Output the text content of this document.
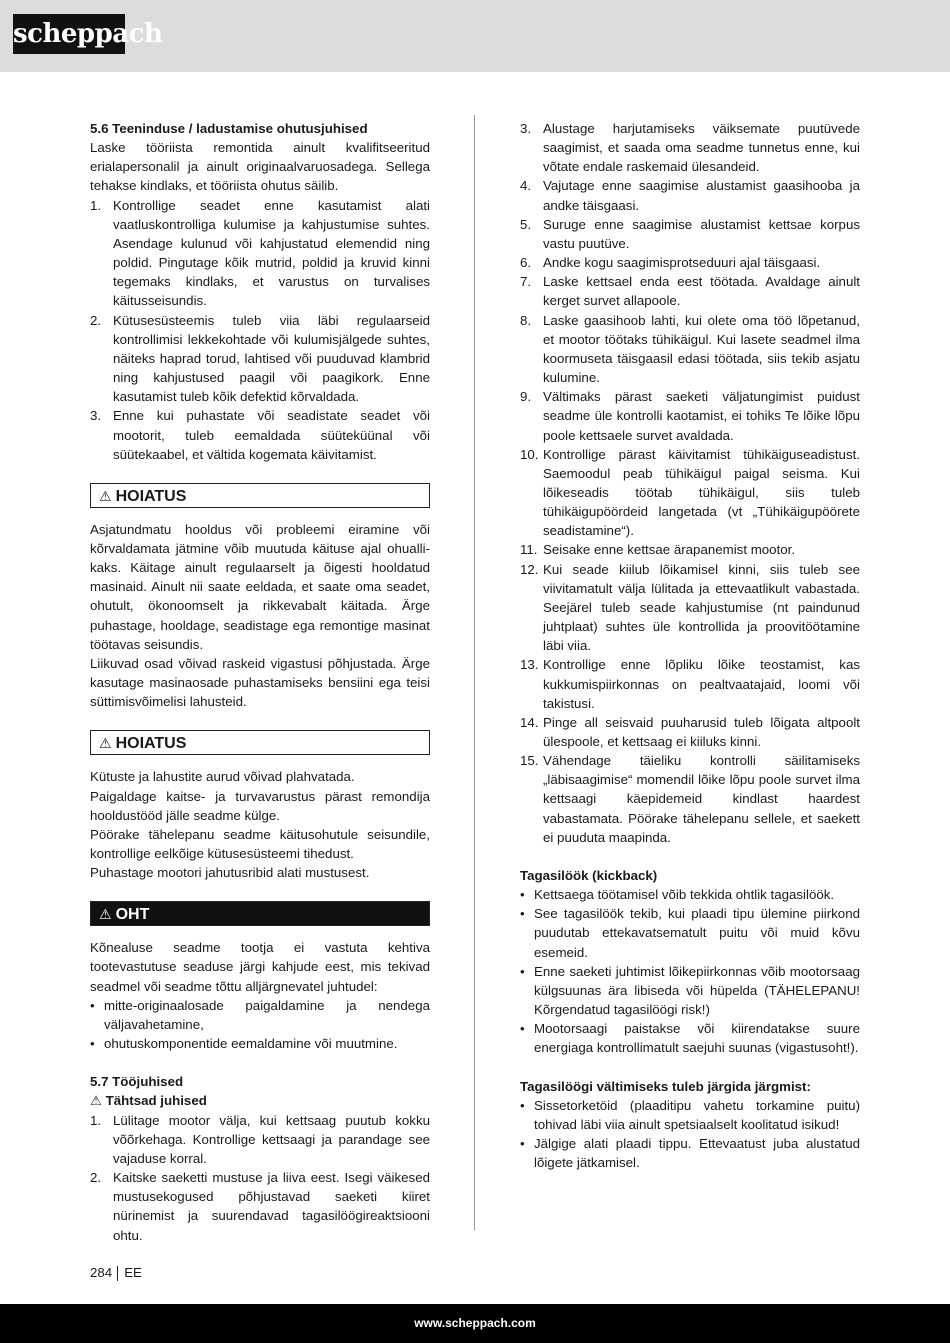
scheppach

5.6 Teeninduse / ladustamise ohutusjuhised

Laske tööriista remontida ainult kvalifitseeritud erialapersonalil ja ainult originaalvaruosadega. Sellega tehakse kindlaks, et tööriista ohutus säilib.

1. Kontrollige seadet enne kasutamist alati vaatluskontrolliga kulumise ja kahjustumise suhtes. Asendage kulunud või kahjustatud elemendid ning poldid. Pingutage kõik mutrid, poldid ja kruvid kinni tegemaks kindlaks, et varustus on turvalises käitusseisundis.
2. Kütusesüsteemis tuleb viia läbi regulaarseid kontrollimisi lekkekohtade või kulumisjälgede suhtes, näiteks haprad torud, lahtised või puuduvad klambrid ning kahjustused paagil või paagikork. Enne kasutamist tuleb kõik defektid kõrvaldada.
3. Enne kui puhastate või seadistate seadet või mootorit, tuleb eemaldada süüteküünal või süütekaabel, et vältida kogemata käivitamist.
⚠ HOIATUS

Asjatundmatu hooldus või probleemi eiramine või kõrvaldamata jätmine võib muutuda käituse ajal ohuallikaks. Käitage ainult regulaarselt ja õigesti hooldatud masinaid. Ainult nii saate eeldada, et saate oma seadet, ohutult, ökonoomselt ja rikkevabalt käitada. Ärge puhastage, hooldage, seadistage ega remontige masinat töötavas seisundis.

Liikuvad osad võivad raskeid vigastusi põhjustada. Ärge kasutage masinaosade puhastamiseks bensiini ega teisi süttimisvõimelisi lahusteid.

⚠ HOIATUS

Kütuste ja lahustite aurud võivad plahvatada.

Paigaldage kaitse- ja turvavarustus pärast remondija hooldustööd jälle seadme külge.

Pöörake tähelepanu seadme käitusohutule seisundile, kontrollige eelkõige kütusesüsteemi tihedust.

Puhastage mootori jahutusribid alati mustusest.

⚠ OHT

Kõnealuse seadme tootja ei vastuta kehtiva tootevastutuse seaduse järgi kahjude eest, mis tekivad seadmel või seadme tõttu alljärgnevatel juhtudel:

• mitte-originaalosade paigaldamine ja nendega väljavahetamine,
• ohutuskomponentide eemaldamine või muutmine.

5.7 Tööjuhised

⚠ Tähtsad juhised

1. Lülitage mootor välja, kui kettsaag puutub kokku võõrkehaga. Kontrollige kettsaagi ja parandage see vajaduse korral.
2. Kaitske saeketti mustuse ja liiva eest. Isegi väikesed mustusekogused põhjustavad saeketi kiiret nürinemist ja suurendavad tagasilöögireaktsiooni ohtu.
3. Alustage harjutamiseks väiksemate puutüvede saagimist, et saada oma seadme tunnetus enne, kui võtate endale raskemaid ülesandeid.
4. Vajutage enne saagimise alustamist gaasihooba ja andke täisgaasi.
5. Suruge enne saagimise alustamist kettsae korpus vastu puutüve.
6. Andke kogu saagimisprotseduuri ajal täisgaasi.
7. Laske kettsael enda eest töötada. Avaldage ainult kerget survet allapoole.
8. Laske gaasihoob lahti, kui olete oma töö lõpetanud, et mootor töötaks tühikäigul. Kui lasete seadmel ilma koormuseta täisgaasil edasi töötada, siis tekib asjatu kulumine.
9. Vältimaks pärast saeketi väljatungimist puidust seadme üle kontrolli kaotamist, ei tohiks Te lõike lõpu poole kettsaele survet avaldada.
10. Kontrollige pärast käivitamist tühikäiguseadistust. Saemoodul peab tühikäigul paigal seisma. Kui lõikeseadis töötab tühikäigul, siis tuleb tühikäigupöördeid langetada (vt „Tühikäigupöörete seadistamine“).
11. Seisake enne kettsae ärapanemist mootor.
12. Kui seade kiilub lõikamisel kinni, siis tuleb see viivitamatult välja lülitada ja ettevaatlikult vabastada. Seejärel tuleb seade kahjustumise (nt paindunud juhtplaat) suhtes üle kontrollida ja proovitöötamine läbi viia.
13. Kontrollige enne lõpliku lõike teostamist, kas kukkumispiirkonnas on pealtvaatajaid, loomi või takistusi.
14. Pinge all seisvaid puuharusid tuleb lõigata altpoolt ülespoole, et kettsaag ei kiiluks kinni.
15. Vähendage täieliku kontrolli säilitamiseks „läbisaagimise“ momendil lõike lõpu poole survet ilma kettsaagi käepidemeid kindlast haardest vabastamata. Pöörake tähelepanu sellele, et saekett ei puuduta maapinda.

Tagasilöök (kickback)

• Kettsaega töötamisel võib tekkida ohtlik tagasilöök.
• See tagasilöök tekib, kui plaadi tipu ülemine piirkond puudutab ettekavatsematult puitu või muid kõvu esemeid.
• Enne saeketi juhtimist lõikepiirkonnas võib mootorsaag külgsuunas ära libiseda või hüpelda (TÄHELEPANU! Kõrgendatud tagasilöögi risk!)
• Mootorsaagi paistakse või kiirendatakse suure energiaga kontrollimatult saejuhi suunas (vigastusoht!).

Tagasilöögi vältimiseks tuleb järgida järgmist:

• Sissetorketöid (plaaditipu vahetu torkamine puitu) tohivad läbi viia ainult spetsiaalselt koolitatud isikud!
• Jälgige alati plaadi tippu. Ettevaatust juba alustatud lõigete jätkamisel.
284 EE
www.scheppach.com
